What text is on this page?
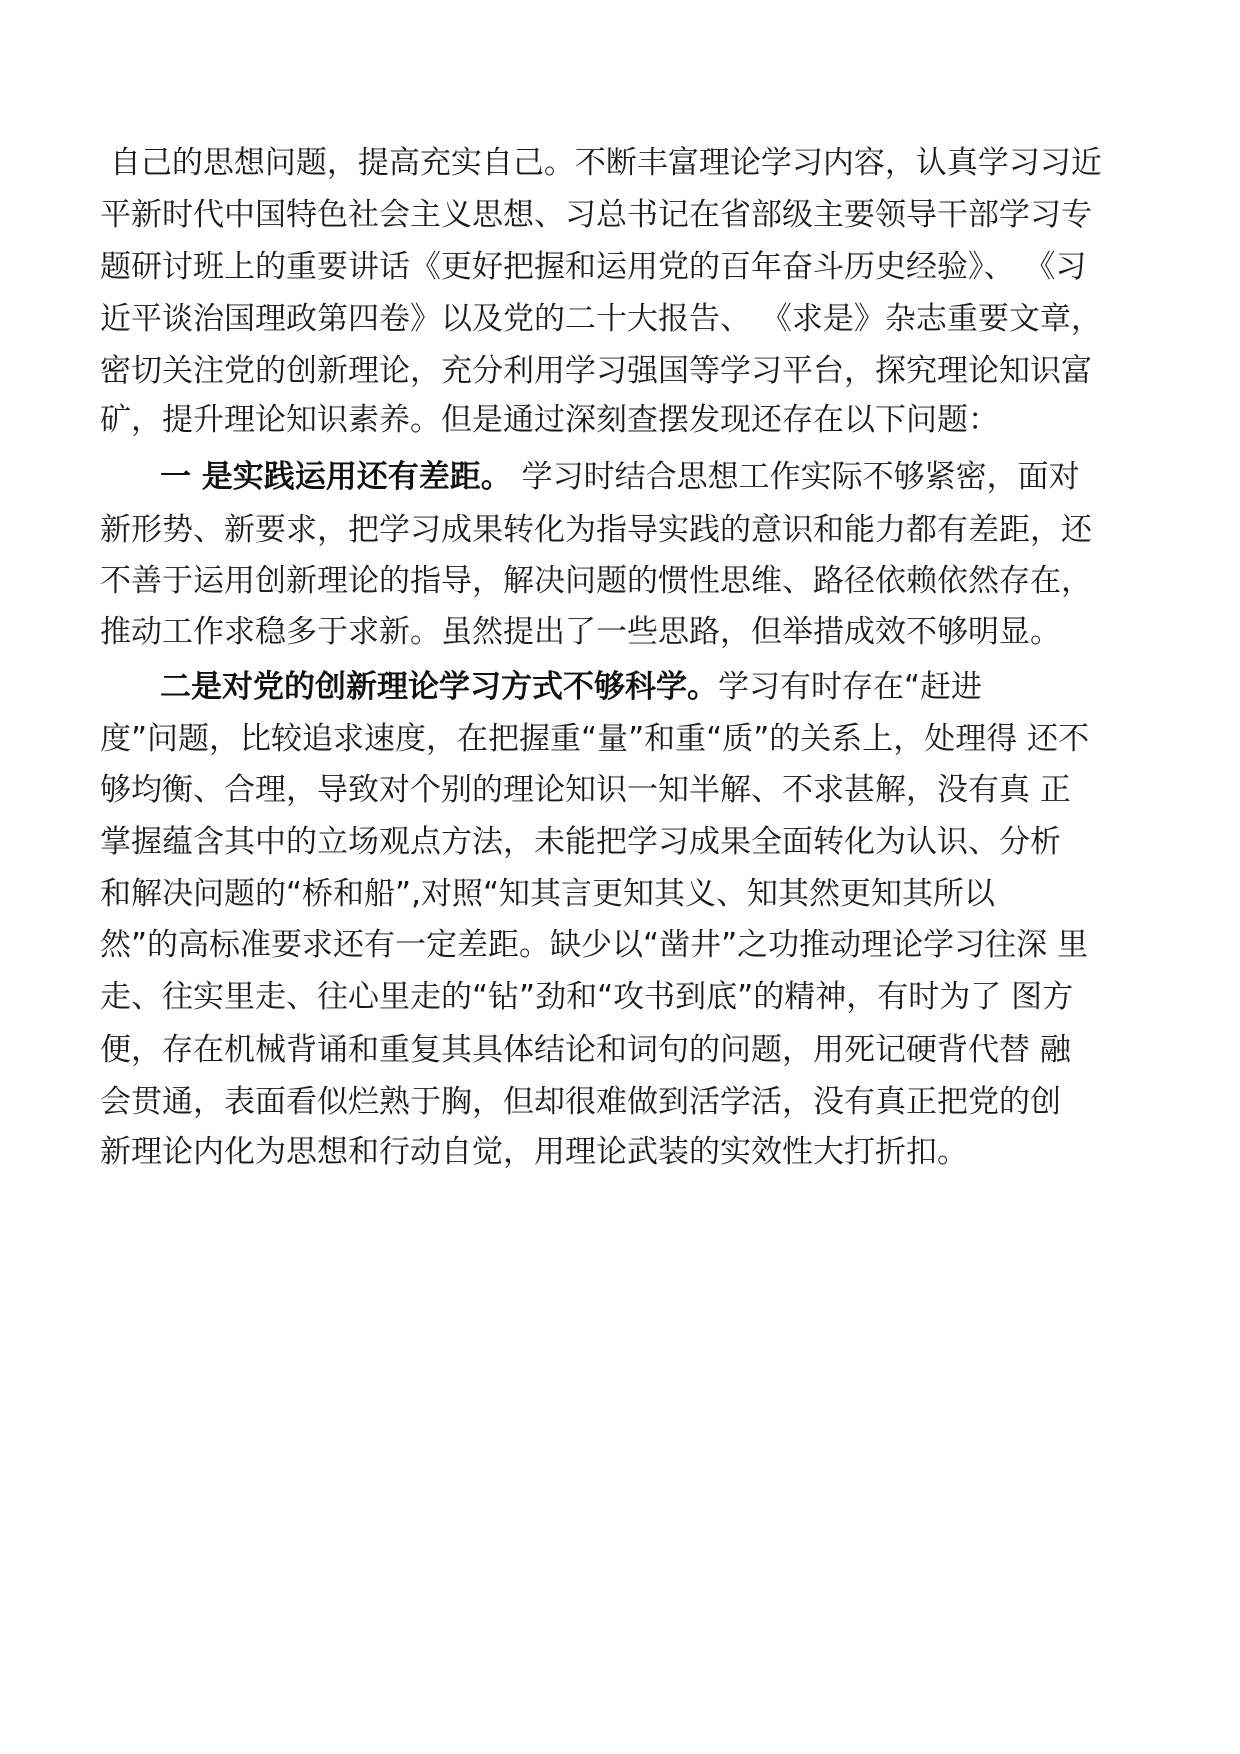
自己的思想问题，提高充实自己。不断丰富理论学习内容，认真学习习近
平新时代中国特色社会主义思想、习总书记在省部级主要领导干部学习专
题研讨班上的重要讲话《更好把握和运用党的百年奋斗历史经验》、 《习
近平谈治国理政第四卷》以及党的二十大报告、 《求是》杂志重要文章，
密切关注党的创新理论，充分利用学习强国等学习平台，探究理论知识富
矿，提升理论知识素养。但是通过深刻查摆发现还存在以下问题：
一 是实践运用还有差距。 学习时结合思想工作实际不够紧密，面对
新形势、新要求，把学习成果转化为指导实践的意识和能力都有差距，还
不善于运用创新理论的指导，解决问题的惯性思维、路径依赖依然存在，
推动工作求稳多于求新。虽然提出了一些思路，但举措成效不够明显。
二是对党的创新理论学习方式不够科学。学习有时存在“赶进
度”问题，比较追求速度，在把握重“量”和重“质”的关系上，处理得 还不
够均衡、合理，导致对个别的理论知识一知半解、不求甚解，没有真 正
掌握蕴含其中的立场观点方法，未能把学习成果全面转化为认识、分析
和解决问题的“桥和船”,对照“知其言更知其义、知其然更知其所以
然”的高标准要求还有一定差距。缺少以“凿井”之功推动理论学习往深 里
走、往实里走、往心里走的“钻”劲和“攻书到底”的精神，有时为了 图方
便，存在机械背诵和重复其具体结论和词句的问题，用死记硬背代替 融
会贯通，表面看似烂熟于胸，但却很难做到活学活，没有真正把党的创
新理论内化为思想和行动自觉，用理论武装的实效性大打折扣。
